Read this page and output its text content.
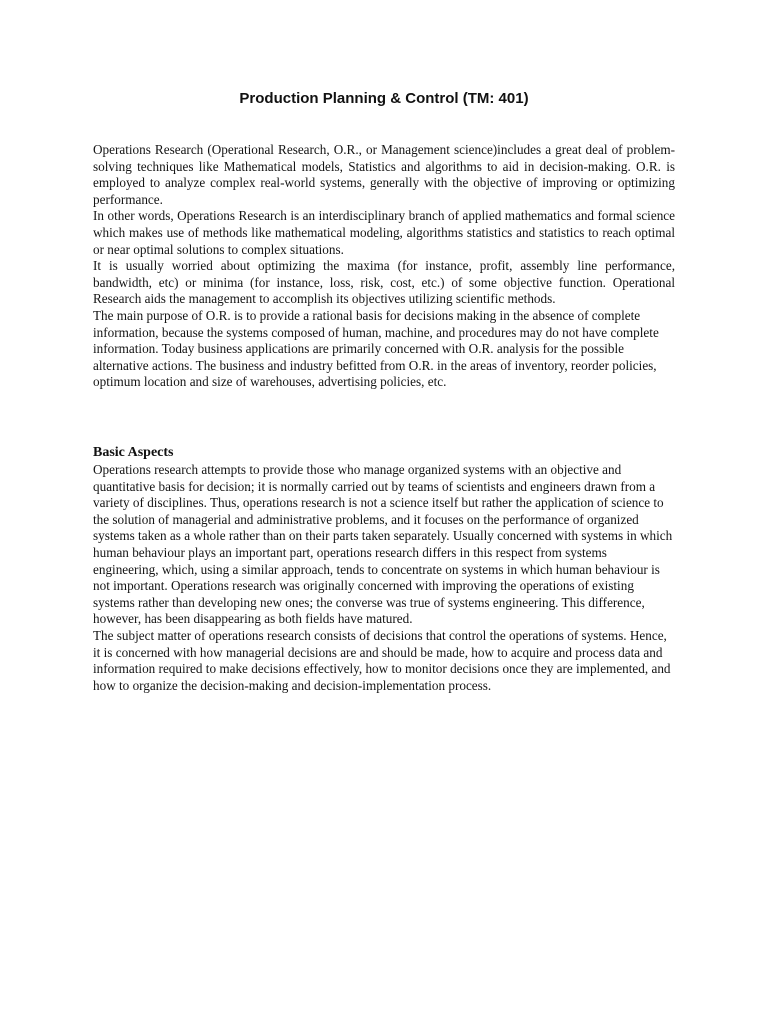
Production Planning & Control (TM: 401)

Operations Research (Operational Research, O.R., or Management science)includes a great deal of problem-solving techniques like Mathematical models, Statistics and algorithms to aid in decision-making. O.R. is employed to analyze complex real-world systems, generally with the objective of improving or optimizing performance.

In other words, Operations Research is an interdisciplinary branch of applied mathematics and formal science which makes use of methods like mathematical modeling, algorithms statistics and statistics to reach optimal or near optimal solutions to complex situations.

It is usually worried about optimizing the maxima (for instance, profit, assembly line performance, bandwidth, etc) or minima (for instance, loss, risk, cost, etc.) of some objective function. Operational Research aids the management to accomplish its objectives utilizing scientific methods.

The main purpose of O.R. is to provide a rational basis for decisions making in the absence of complete information, because the systems composed of human, machine, and procedures may do not have complete information. Today business applications are primarily concerned with O.R. analysis for the possible alternative actions. The business and industry befitted from O.R. in the areas of inventory, reorder policies, optimum location and size of warehouses, advertising policies, etc.

Basic Aspects

Operations research attempts to provide those who manage organized systems with an objective and quantitative basis for decision; it is normally carried out by teams of scientists and engineers drawn from a variety of disciplines. Thus, operations research is not a science itself but rather the application of science to the solution of managerial and administrative problems, and it focuses on the performance of organized systems taken as a whole rather than on their parts taken separately. Usually concerned with systems in which human behaviour plays an important part, operations research differs in this respect from systems engineering, which, using a similar approach, tends to concentrate on systems in which human behaviour is not important. Operations research was originally concerned with improving the operations of existing systems rather than developing new ones; the converse was true of systems engineering. This difference, however, has been disappearing as both fields have matured.

The subject matter of operations research consists of decisions that control the operations of systems. Hence, it is concerned with how managerial decisions are and should be made, how to acquire and process data and information required to make decisions effectively, how to monitor decisions once they are implemented, and how to organize the decision-making and decision-implementation process.
